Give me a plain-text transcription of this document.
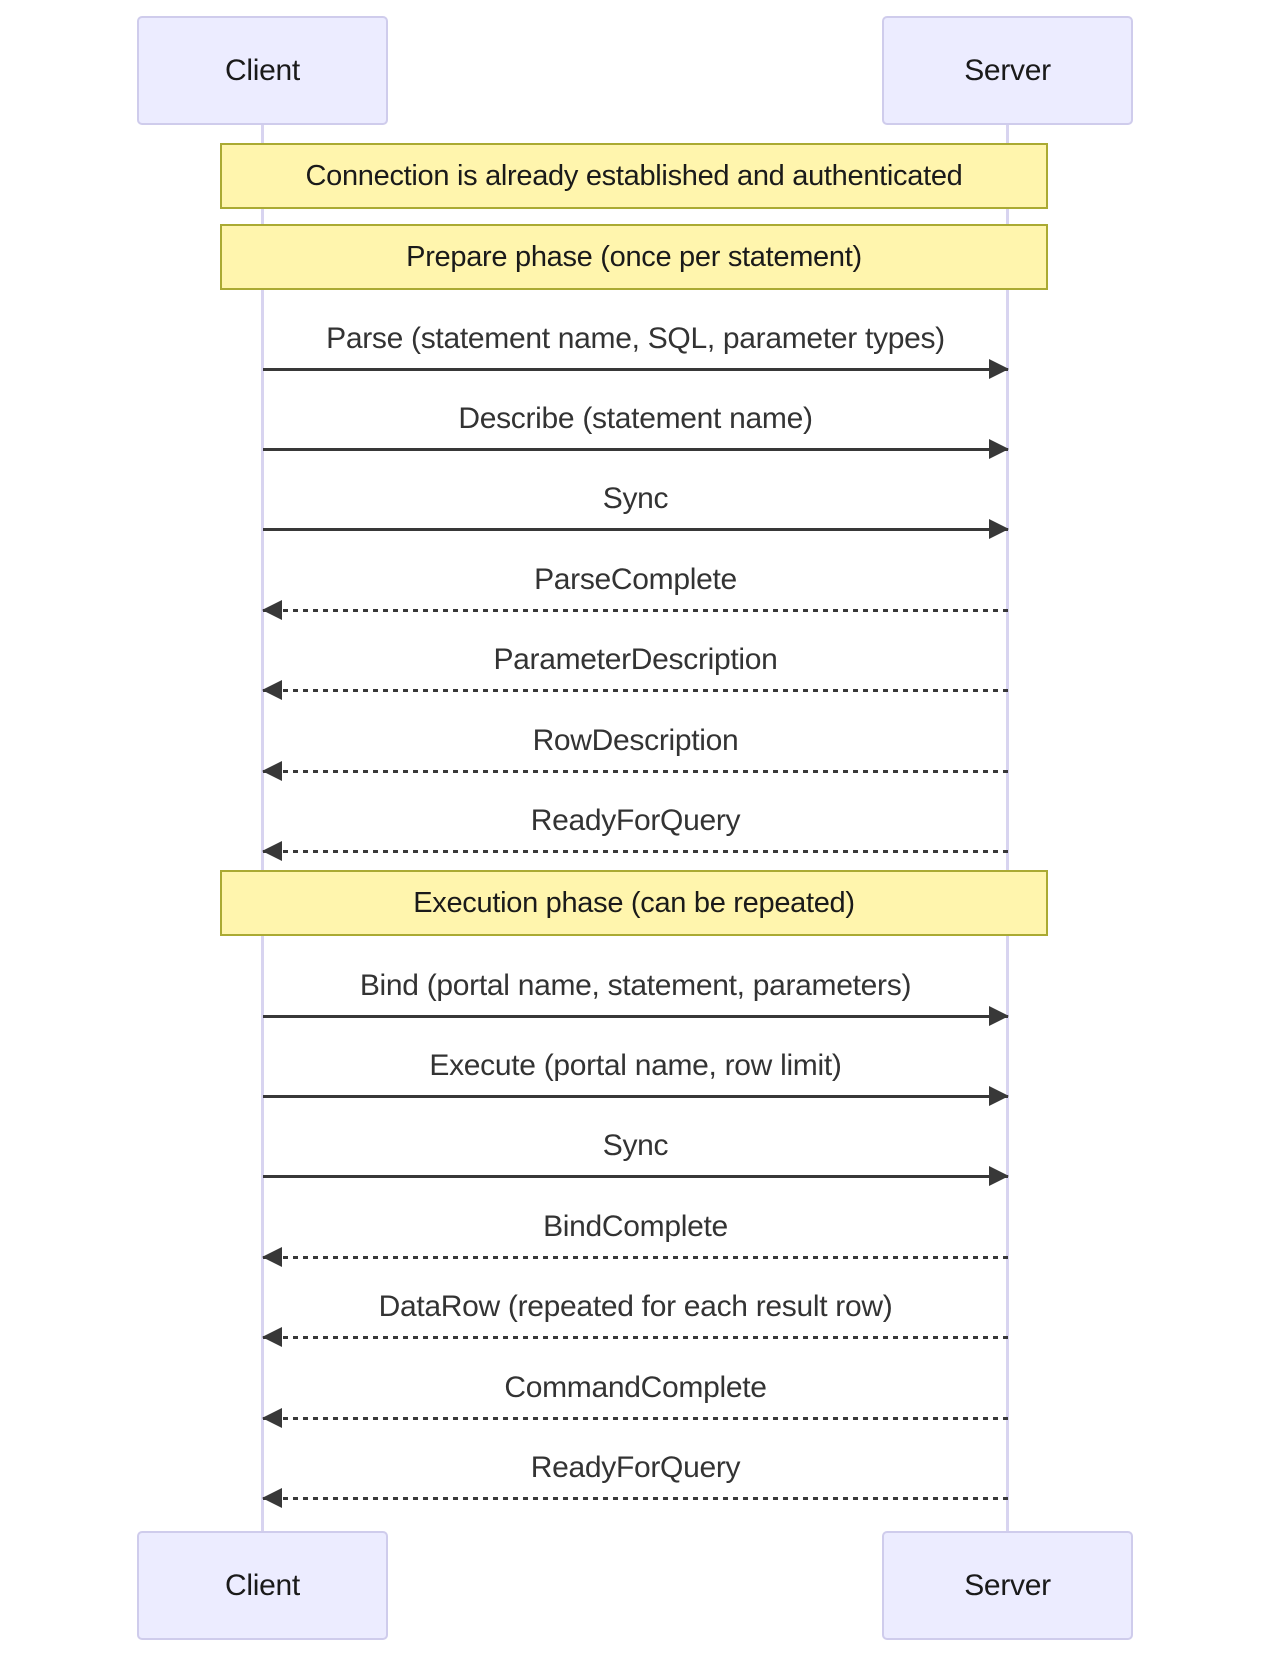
Client	Server
Connection is already established and authenticated
Prepare phase (once per statement)
Execution phase (can be repeated)
Parse (statement name, SQL, parameter types)
Describe (statement name)
Sync
ParseComplete
ParameterDescription
RowDescription
ReadyForQuery
Bind (portal name, statement, parameters)
Execute (portal name, row limit)
Sync
BindComplete
DataRow (repeated for each result row)
CommandComplete
ReadyForQuery
Client	Server
